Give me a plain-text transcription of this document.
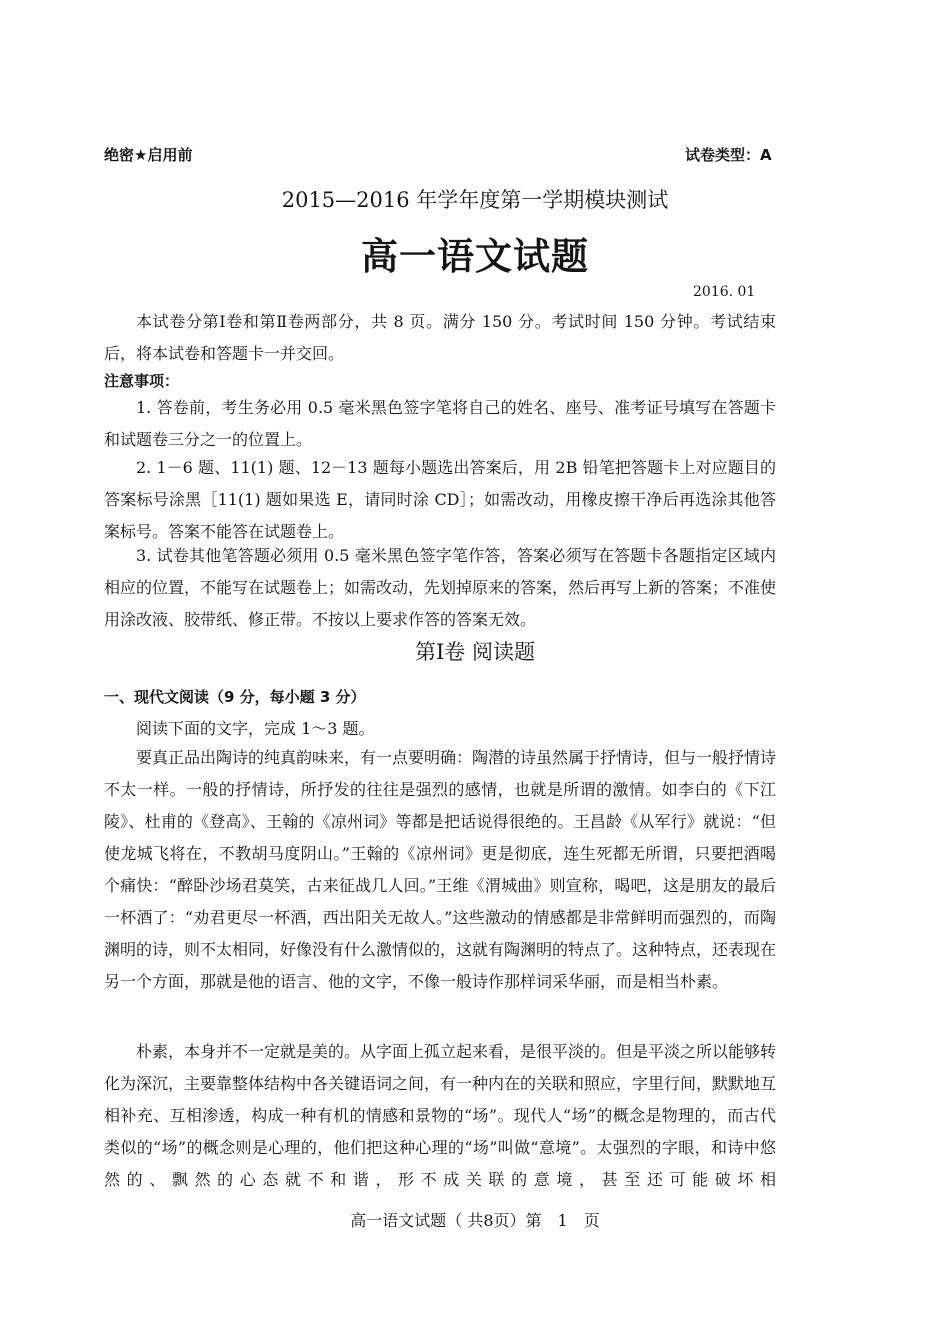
绝密★启用前	试卷类型：A
2015—2016 年学年度第一学期模块测试
高一语文试题
2016. 01
本试卷分第Ⅰ卷和第Ⅱ卷两部分，共 8 页。满分 150 分。考试时间 150 分钟。考试结束后，将本试卷和答题卡一并交回。
注意事项：
1. 答卷前，考生务必用 0.5 毫米黑色签字笔将自己的姓名、座号、准考证号填写在答题卡和试题卷三分之一的位置上。
2. 1－6 题、11(1) 题、12－13 题每小题选出答案后，用 2B 铅笔把答题卡上对应题目的答案标号涂黑［11(1) 题如果选 E，请同时涂 CD］；如需改动，用橡皮擦干净后再选涂其他答案标号。答案不能答在试题卷上。
3. 试卷其他笔答题必须用 0.5 毫米黑色签字笔作答，答案必须写在答题卡各题指定区域内相应的位置，不能写在试题卷上；如需改动，先划掉原来的答案，然后再写上新的答案；不准使用涂改液、胶带纸、修正带。不按以上要求作答的答案无效。
第Ⅰ卷 阅读题
一、现代文阅读（9 分，每小题 3 分）
阅读下面的文字，完成 1～3 题。
要真正品出陶诗的纯真韵味来，有一点要明确：陶潜的诗虽然属于抒情诗，但与一般抒情诗不太一样。一般的抒情诗，所抒发的往往是强烈的感情，也就是所谓的激情。如李白的《下江陵》、杜甫的《登高》、王翰的《凉州词》等都是把话说得很绝的。王昌龄《从军行》就说：“但使龙城飞将在，不教胡马度阴山。”王翰的《凉州词》更是彻底，连生死都无所谓，只要把酒喝个痛快：“醉卧沙场君莫笑，古来征战几人回。”王维《渭城曲》则宣称，喝吧，这是朋友的最后一杯酒了：“劝君更尽一杯酒，西出阳关无故人。”这些激动的情感都是非常鲜明而强烈的，而陶渊明的诗，则不太相同，好像没有什么激情似的，这就有陶渊明的特点了。这种特点，还表现在另一个方面，那就是他的语言、他的文字，不像一般诗作那样词采华丽，而是相当朴素。
朴素，本身并不一定就是美的。从字面上孤立起来看，是很平淡的。但是平淡之所以能够转化为深沉，主要靠整体结构中各关键语词之间，有一种内在的关联和照应，字里行间，默默地互相补充、互相渗透，构成一种有机的情感和景物的“场”。现代人“场”的概念是物理的，而古代类似的“场”的概念则是心理的，他们把这种心理的“场”叫做“意境”。太强烈的字眼，和诗中悠然的、飘然的心态就不和谐，形不成关联的意境，甚至还可能破坏相
高一语文试题（ 共8页）第　1　页
